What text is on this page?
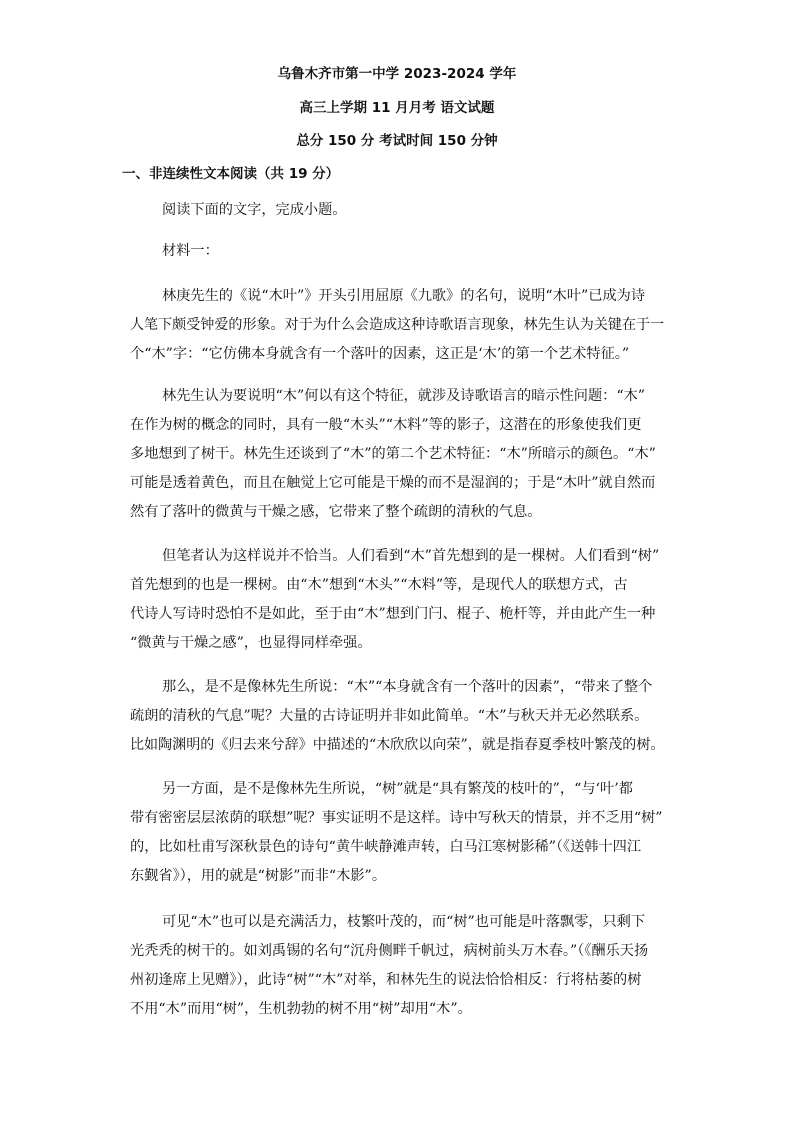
乌鲁木齐市第一中学 2023-2024 学年
高三上学期 11 月月考 语文试题
总分 150 分 考试时间 150 分钟
一、非连续性文本阅读（共 19 分）
阅读下面的文字，完成小题。
材料一：
林庚先生的《说“木叶”》开头引用屈原《九歌》的名句，说明“木叶”已成为诗
人笔下颇受钟爱的形象。对于为什么会造成这种诗歌语言现象，林先生认为关键在于一
个“木”字：“它仿佛本身就含有一个落叶的因素，这正是‘木’的第一个艺术特征。”
林先生认为要说明“木”何以有这个特征，就涉及诗歌语言的暗示性问题：“木”
在作为树的概念的同时，具有一般“木头”“木料”等的影子，这潜在的形象使我们更
多地想到了树干。林先生还谈到了“木”的第二个艺术特征：“木”所暗示的颜色。“木”
可能是透着黄色，而且在触觉上它可能是干燥的而不是湿润的；于是“木叶”就自然而
然有了落叶的微黄与干燥之感，它带来了整个疏朗的清秋的气息。
但笔者认为这样说并不恰当。人们看到“木”首先想到的是一棵树。人们看到“树”
首先想到的也是一棵树。由“木”想到“木头”“木料”等，是现代人的联想方式，古
代诗人写诗时恐怕不是如此，至于由“木”想到门闩、棍子、桅杆等，并由此产生一种
“微黄与干燥之感”，也显得同样牵强。
那么，是不是像林先生所说：“木”“本身就含有一个落叶的因素”，“带来了整个
疏朗的清秋的气息”呢？大量的古诗证明并非如此简单。“木”与秋天并无必然联系。
比如陶渊明的《归去来兮辞》中描述的“木欣欣以向荣”，就是指春夏季枝叶繁茂的树。
另一方面，是不是像林先生所说，“树”就是“具有繁茂的枝叶的”，“与‘叶’都
带有密密层层浓荫的联想”呢？事实证明不是这样。诗中写秋天的情景，并不乏用“树”
的，比如杜甫写深秋景色的诗句“黄牛峡静滩声转，白马江寒树影稀”（《送韩十四江
东觐省》），用的就是“树影”而非“木影”。
可见“木”也可以是充满活力，枝繁叶茂的，而“树”也可能是叶落飘零，只剩下
光秃秃的树干的。如刘禹锡的名句“沉舟侧畔千帆过，病树前头万木春。”（《酬乐天扬
州初逢席上见赠》），此诗“树”“木”对举，和林先生的说法恰恰相反：行将枯萎的树
不用“木”而用“树”，生机勃勃的树不用“树”却用“木”。
